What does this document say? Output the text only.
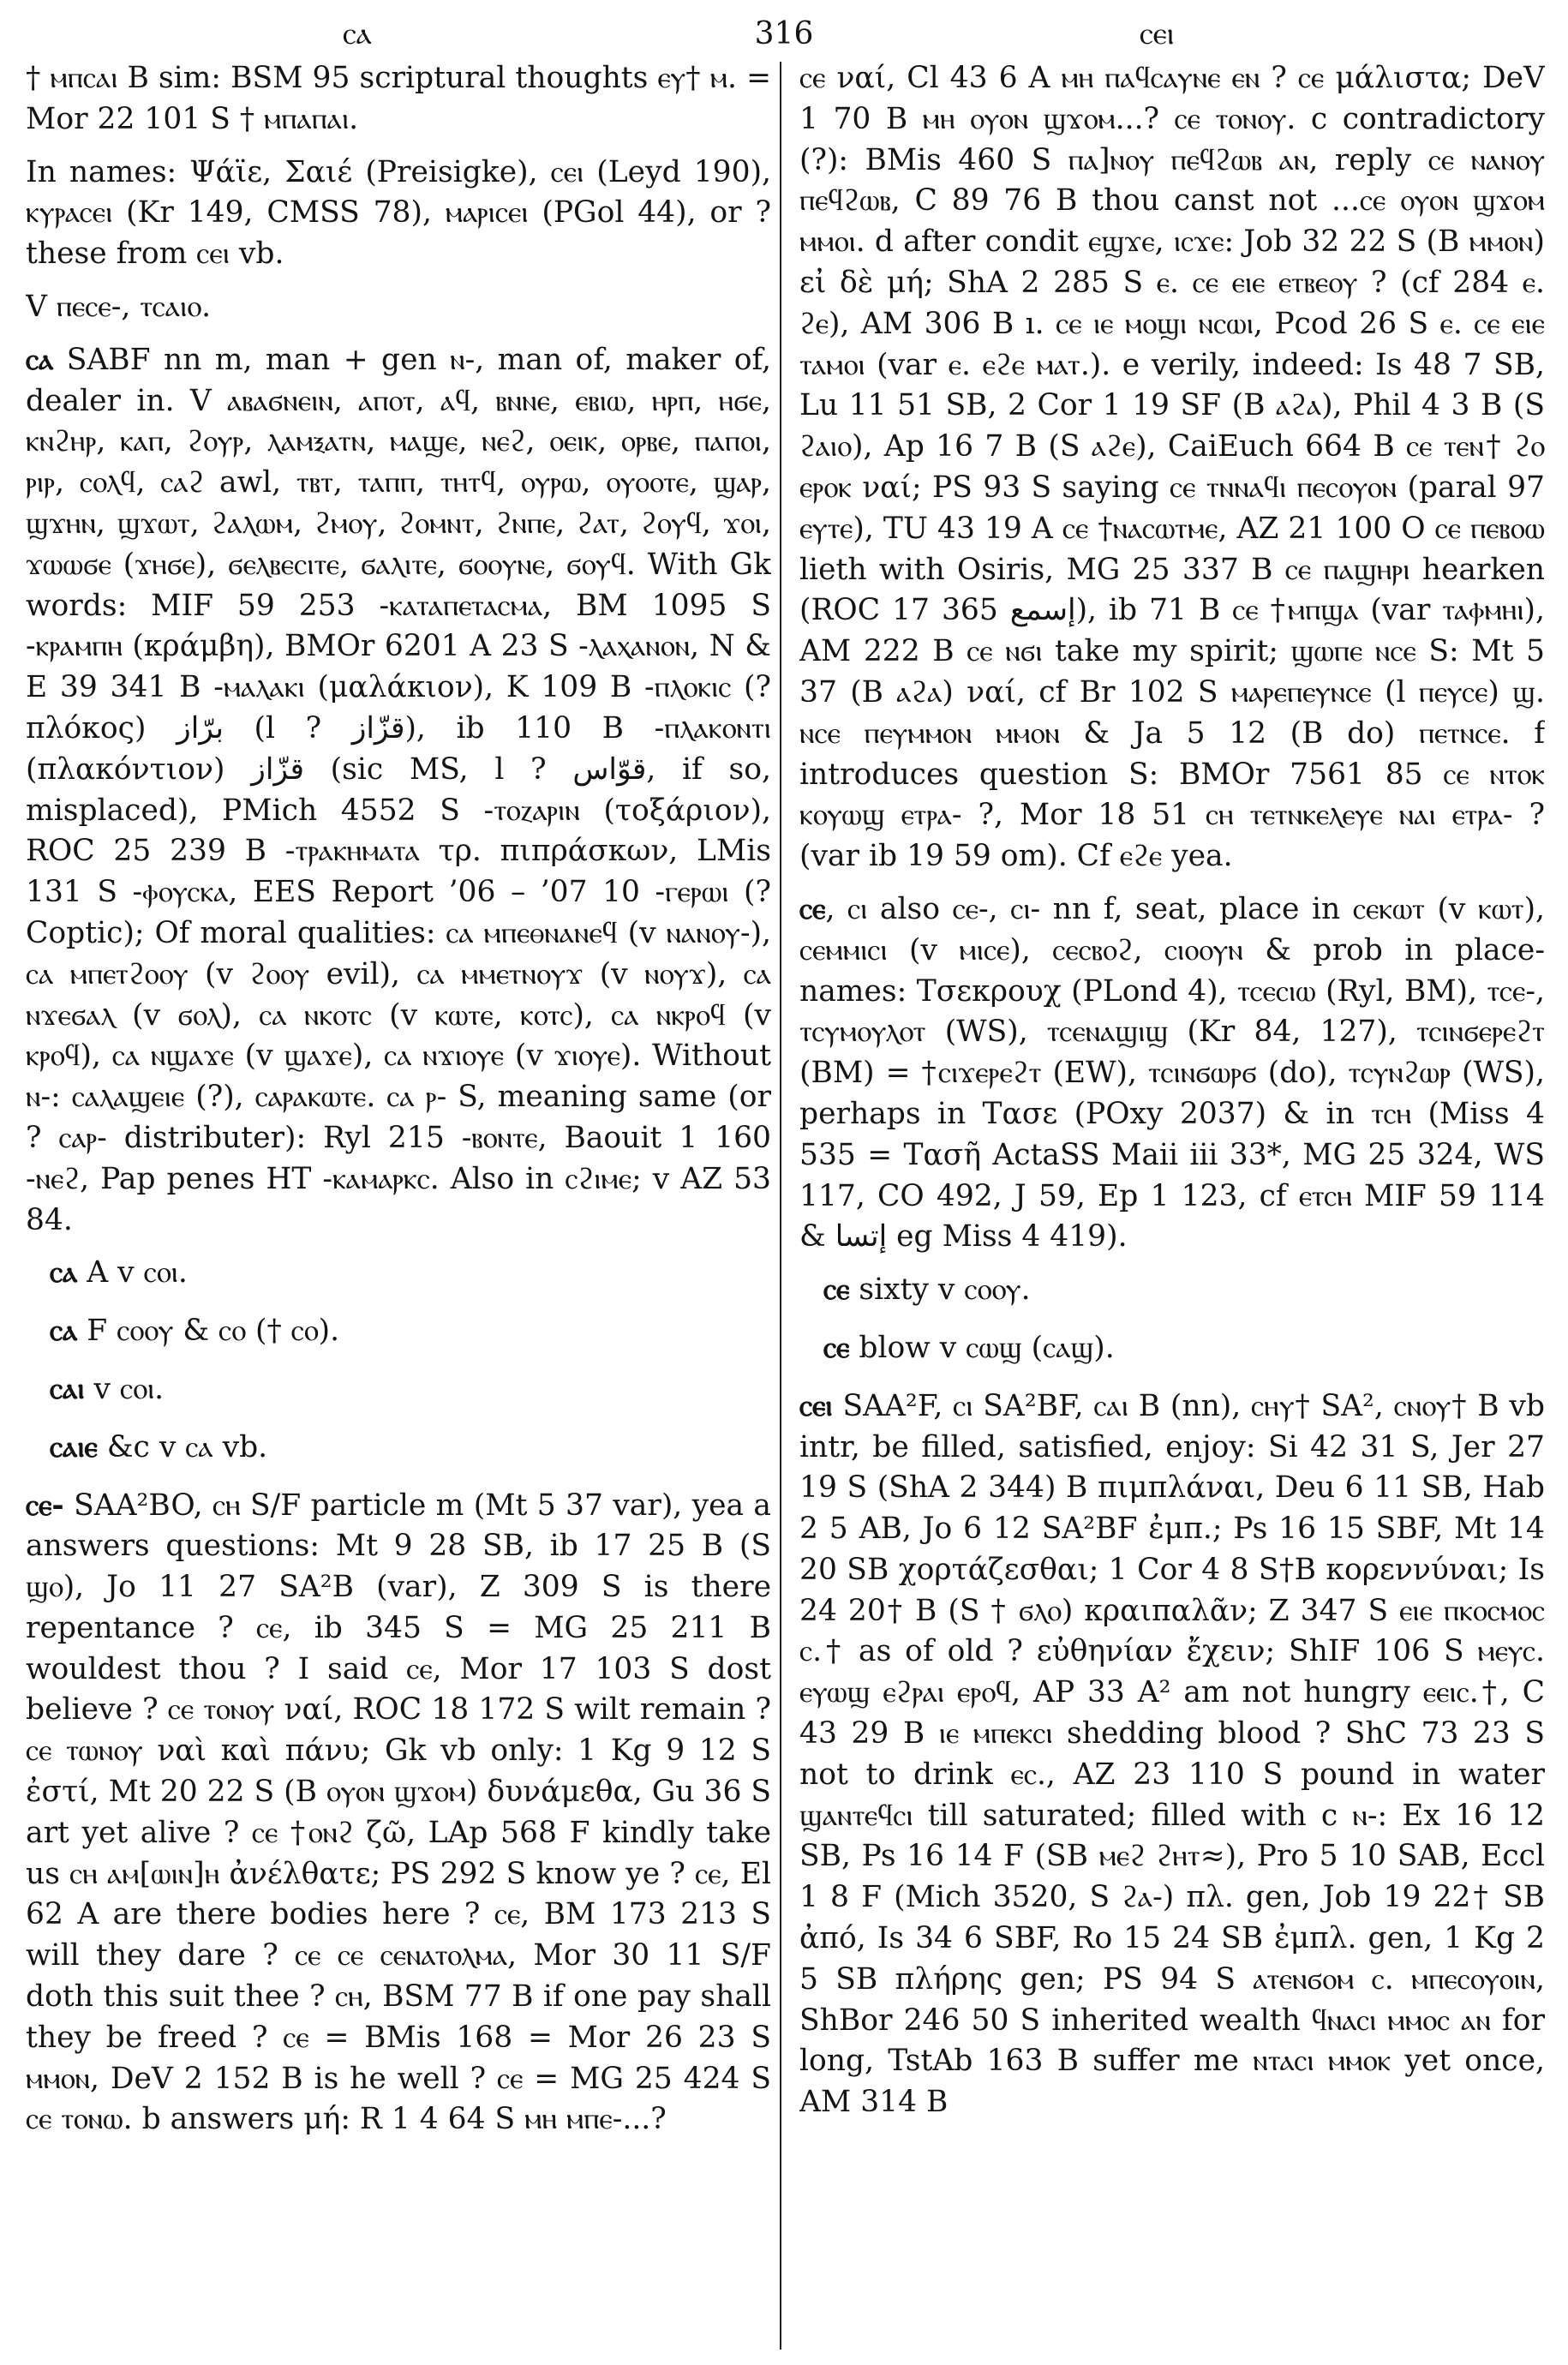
ⲥⲁ	316	ⲥⲉⲓ

† ⲙⲡⲥⲁⲓ B sim: BSM 95 scriptural thoughts ⲉⲩ† ⲙ. = Mor 22 101 S † ⲙⲡⲁⲡⲁⲓ.

In names: Ψάϊε, Σαιέ (Preisigke), ⲥⲉⲓ (Leyd 190), ⲕⲩⲣⲁⲥⲉⲓ (Kr 149, CMSS 78), ⲙⲁⲣⲓⲥⲉⲓ (PGol 44), or ? these from ⲥⲉⲓ vb.

V ⲡⲉⲥⲉ-, ⲧⲥⲁⲓⲟ.

ⲥⲁ SABF nn m, man + gen ⲛ-, man of, maker of, dealer in. V ⲁⲃⲁϭⲛⲉⲓⲛ, ⲁⲡⲟⲧ, ⲁϥ, ⲃⲛⲛⲉ, ⲉⲃⲓⲱ, ⲏⲣⲡ, ⲏϭⲉ, ⲕⲛϩⲏⲣ, ⲕⲁⲡ, ϩⲟⲩⲣ, ⲗⲁⲙⲝⲁⲧⲛ, ⲙⲁϣⲉ, ⲛⲉϩ, ⲟⲉⲓⲕ, ⲟⲣⲃⲉ, ⲡⲁⲡⲟⲓ, ⲣⲓⲣ, ⲥⲟⲗϥ, ⲥⲁϩ awl, ⲧⲃⲧ, ⲧⲁⲡⲡ, ⲧⲏⲧϥ, ⲟⲩⲣⲱ, ⲟⲩⲟⲟⲧⲉ, ϣⲁⲣ, ϣϫⲏⲛ, ϣϫⲱⲧ, ϩⲁⲗⲱⲙ, ϩⲙⲟⲩ, ϩⲟⲙⲛⲧ, ϩⲛⲡⲉ, ϩⲁⲧ, ϩⲟⲩϥ, ϫⲟⲓ, ϫⲱⲱϭⲉ (ϫⲏϭⲉ), ϭⲉⲗⲃⲉⲥⲓⲧⲉ, ϭⲁⲗⲓⲧⲉ, ϭⲟⲟⲩⲛⲉ, ϭⲟⲩϥ. With Gk words: MIF 59 253 -ⲕⲁⲧⲁⲡⲉⲧⲁⲥⲙⲁ, BM 1095 S -ⲕⲣⲁⲙⲡⲏ (κράμβη), BMOr 6201 A 23 S -ⲗⲁⲭⲁⲛⲟⲛ, N & E 39 341 B -ⲙⲁⲗⲁⲕⲓ (μαλάκιον), K 109 B -ⲡⲗⲟⲕⲓⲥ (? πλόκος) برّاز (l ? قزّاز), ib 110 B -ⲡⲗⲁⲕⲟⲛⲧⲓ (πλακόντιον) قزّاز (sic MS, l ? قوّاس, if so, misplaced), PMich 4552 S -ⲧⲟⲍⲁⲣⲓⲛ (τοξάριον), ROC 25 239 B -ⲧⲣⲁⲕⲏⲙⲁⲧⲁ τρ. πιπράσκων, LMis 131 S -ⲫⲟⲩⲥⲕⲁ, EES Report ’06 – ’07 10 -ⲅⲉⲣⲱⲓ (? Coptic); Of moral qualities: ⲥⲁ ⲙⲡⲉⲑⲛⲁⲛⲉϥ (v ⲛⲁⲛⲟⲩ-), ⲥⲁ ⲙⲡⲉⲧϩⲟⲟⲩ (v ϩⲟⲟⲩ evil), ⲥⲁ ⲙⲙⲉⲧⲛⲟⲩϫ (v ⲛⲟⲩϫ), ⲥⲁ ⲛϫⲉϭⲁⲗ (v ϭⲟⲗ), ⲥⲁ ⲛⲕⲟⲧⲥ (v ⲕⲱⲧⲉ, ⲕⲟⲧⲥ), ⲥⲁ ⲛⲕⲣⲟϥ (v ⲕⲣⲟϥ), ⲥⲁ ⲛϣⲁϫⲉ (v ϣⲁϫⲉ), ⲥⲁ ⲛϫⲓⲟⲩⲉ (v ϫⲓⲟⲩⲉ). Without ⲛ-: ⲥⲁⲗⲁϣⲉⲓⲉ (?), ⲥⲁⲣⲁⲕⲱⲧⲉ. ⲥⲁ ⲣ- S, meaning same (or ? ⲥⲁⲣ- distributer): Ryl 215 -ⲃⲟⲛⲧⲉ, Baouit 1 160 -ⲛⲉϩ, Pap penes HT -ⲕⲁⲙⲁⲣⲕⲥ. Also in ⲥϩⲓⲙⲉ; v AZ 53 84.

ⲥⲁ A v ⲥⲟⲓ.

ⲥⲁ F ⲥⲟⲟⲩ & ⲥⲟ († ⲥⲟ).

ⲥⲁⲓ v ⲥⲟⲓ.

ⲥⲁⲓⲉ &c v ⲥⲁ vb.

ⲥⲉ- SAA²BO, ⲥⲏ S/F particle m (Mt 5 37 var), yea a answers questions: Mt 9 28 SB, ib 17 25 B (S ϣⲟ), Jo 11 27 SA²B (var), Z 309 S is there repentance ? ⲥⲉ, ib 345 S = MG 25 211 B wouldest thou ? I said ⲥⲉ, Mor 17 103 S dost believe ? ⲥⲉ ⲧⲟⲛⲟⲩ ναί, ROC 18 172 S wilt remain ? ⲥⲉ ⲧⲱⲛⲟⲩ ναὶ καὶ πάνυ; Gk vb only: 1 Kg 9 12 S ἐστί, Mt 20 22 S (B ⲟⲩⲟⲛ ϣϫⲟⲙ) δυνάμεθα, Gu 36 S art yet alive ? ⲥⲉ †ⲟⲛϩ ζῶ, LAp 568 F kindly take us ⲥⲏ ⲁⲙ[ⲱⲓⲛ]ⲏ ἀνέλθατε; PS 292 S know ye ? ⲥⲉ, El 62 A are there bodies here ? ⲥⲉ, BM 173 213 S will they dare ? ⲥⲉ ⲥⲉ ⲥⲉⲛⲁⲧⲟⲗⲙⲁ, Mor 30 11 S/F doth this suit thee ? ⲥⲏ, BSM 77 B if one pay shall they be freed ? ⲥⲉ = BMis 168 = Mor 26 23 S ⲙⲙⲟⲛ, DeV 2 152 B is he well ? ⲥⲉ = MG 25 424 S ⲥⲉ ⲧⲟⲛⲱ. b answers μή: R 1 4 64 S ⲙⲏ ⲙⲡⲉ-...?

ⲥⲉ ναί, Cl 43 6 A ⲙⲏ ⲡⲁϥⲥⲁⲩⲛⲉ ⲉⲛ ? ⲥⲉ μάλιστα; DeV 1 70 B ⲙⲏ ⲟⲩⲟⲛ ϣϫⲟⲙ...? ⲥⲉ ⲧⲟⲛⲟⲩ. c contradictory (?): BMis 460 S ⲡⲁ]ⲛⲟⲩ ⲡⲉϥϩⲱⲃ ⲁⲛ, reply ⲥⲉ ⲛⲁⲛⲟⲩ ⲡⲉϥϩⲱⲃ, C 89 76 B thou canst not ...ⲥⲉ ⲟⲩⲟⲛ ϣϫⲟⲙ ⲙⲙⲟⲓ. d after condit ⲉϣϫⲉ, ⲓⲥϫⲉ: Job 32 22 S (B ⲙⲙⲟⲛ) εἰ δὲ μή; ShA 2 285 S ⲉ. ⲥⲉ ⲉⲓⲉ ⲉⲧⲃⲉⲟⲩ ? (cf 284 ⲉ. ϩⲉ), AM 306 B ı. ⲥⲉ ⲓⲉ ⲙⲟϣⲓ ⲛⲥⲱⲓ, Pcod 26 S ⲉ. ⲥⲉ ⲉⲓⲉ ⲧⲁⲙⲟⲓ (var ⲉ. ⲉϩⲉ ⲙⲁⲧ.). e verily, indeed: Is 48 7 SB, Lu 11 51 SB, 2 Cor 1 19 SF (B ⲁϩⲁ), Phil 4 3 B (S ϩⲁⲓⲟ), Ap 16 7 B (S ⲁϩⲉ), CaiEuch 664 B ⲥⲉ ⲧⲉⲛ† ϩⲟ ⲉⲣⲟⲕ ναί; PS 93 S saying ⲥⲉ ⲧⲛⲛⲁϥⲓ ⲡⲉⲥⲟⲩⲟⲛ (paral 97 ⲉⲩⲧⲉ), TU 43 19 A ⲥⲉ †ⲛⲁⲥⲱⲧⲙⲉ, AZ 21 100 O ⲥⲉ ⲡⲉⲃⲟⲱ lieth with Osiris, MG 25 337 B ⲥⲉ ⲡⲁϣⲏⲣⲓ hearken (ROC 17 365 إسمع), ib 71 B ⲥⲉ †ⲙⲡϣⲁ (var ⲧⲁⲫⲙⲏⲓ), AM 222 B ⲥⲉ ⲛϭⲓ take my spirit; ϣⲱⲡⲉ ⲛⲥⲉ S: Mt 5 37 (B ⲁϩⲁ) ναί, cf Br 102 S ⲙⲁⲣⲉⲡⲉⲩⲛⲥⲉ (l ⲡⲉⲩⲥⲉ) ϣ. ⲛⲥⲉ ⲡⲉⲩⲙⲙⲟⲛ ⲙⲙⲟⲛ & Ja 5 12 (B do) ⲡⲉⲧⲛⲥⲉ. f introduces question S: BMOr 7561 85 ⲥⲉ ⲛⲧⲟⲕ ⲕⲟⲩⲱϣ ⲉⲧⲣⲁ- ?, Mor 18 51 ⲥⲏ ⲧⲉⲧⲛⲕⲉⲗⲉⲩⲉ ⲛⲁⲓ ⲉⲧⲣⲁ- ? (var ib 19 59 om). Cf ⲉϩⲉ yea.

ⲥⲉ, ⲥⲓ also ⲥⲉ-, ⲥⲓ- nn f, seat, place in ⲥⲉⲕⲱⲧ (v ⲕⲱⲧ), ⲥⲉⲙⲙⲓⲥⲓ (v ⲙⲓⲥⲉ), ⲥⲉⲥⲃⲟϩ, ⲥⲓⲟⲟⲩⲛ & prob in place-names: Τσεκρουχ (PLond 4), ⲧⲥⲉⲥⲓⲱ (Ryl, BM), ⲧⲥⲉ-, ⲧⲥⲩⲙⲟⲩⲗⲟⲧ (WS), ⲧⲥⲉⲛⲁϣⲓϣ (Kr 84, 127), ⲧⲥⲓⲛϭⲉⲣⲉϩⲧ (BM) = †ⲥⲓϫⲉⲣⲉϩⲧ (EW), ⲧⲥⲓⲛϭⲱⲣϭ (do), ⲧⲥⲩⲛϩⲱⲣ (WS), perhaps in Τασε (POxy 2037) & in ⲧⲥⲏ (Miss 4 535 = Τασῆ ActaSS Maii iii 33*, MG 25 324, WS 117, CO 492, J 59, Ep 1 123, cf ⲉⲧⲥⲏ MIF 59 114 & إتسا eg Miss 4 419).

ⲥⲉ sixty v ⲥⲟⲟⲩ.

ⲥⲉ blow v ⲥⲱϣ (ⲥⲁϣ).

ⲥⲉⲓ SAA²F, ⲥⲓ SA²BF, ⲥⲁⲓ B (nn), ⲥⲏⲩ† SA², ⲥⲛⲟⲩ† B vb intr, be filled, satisfied, enjoy: Si 42 31 S, Jer 27 19 S (ShA 2 344) B πιμπλάναι, Deu 6 11 SB, Hab 2 5 AB, Jo 6 12 SA²BF ἐμπ.; Ps 16 15 SBF, Mt 14 20 SB χορτάζεσθαι; 1 Cor 4 8 S†B κορεννύναι; Is 24 20† B (S † ϭⲗⲟ) κραιπαλᾶν; Z 347 S ⲉⲓⲉ ⲡⲕⲟⲥⲙⲟⲥ ⲥ.† as of old ? εὐθηνίαν ἔχειν; ShIF 106 S ⲙⲉⲩⲥ. ⲉⲩⲱϣ ⲉϩⲣⲁⲓ ⲉⲣⲟϥ, AP 33 A² am not hungry ⲉⲉⲓⲥ.†, C 43 29 B ⲓⲉ ⲙⲡⲉⲕⲥⲓ shedding blood ? ShC 73 23 S not to drink ⲉⲥ., AZ 23 110 S pound in water ϣⲁⲛⲧⲉϥⲥⲓ till saturated; filled with c ⲛ-: Ex 16 12 SB, Ps 16 14 F (SB ⲙⲉϩ ϩⲏⲧ≈), Pro 5 10 SAB, Eccl 1 8 F (Mich 3520, S ϩⲁ-) πλ. gen, Job 19 22† SB ἀπό, Is 34 6 SBF, Ro 15 24 SB ἐμπλ. gen, 1 Kg 2 5 SB πλήρης gen; PS 94 S ⲁⲧⲉⲛϭⲟⲙ ⲥ. ⲙⲡⲉⲥⲟⲩⲟⲓⲛ, ShBor 246 50 S inherited wealth ϥⲛⲁⲥⲓ ⲙⲙⲟⲥ ⲁⲛ for long, TstAb 163 B suffer me ⲛⲧⲁⲥⲓ ⲙⲙⲟⲕ yet once, AM 314 B
